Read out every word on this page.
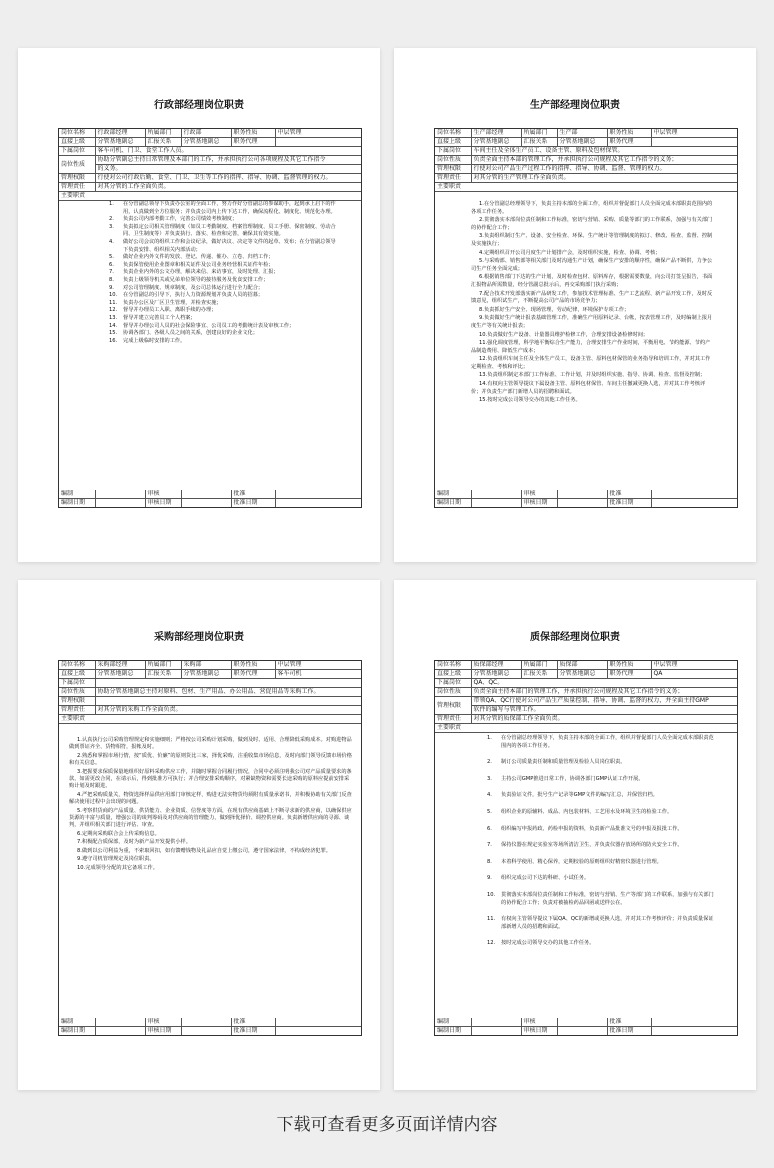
行政部经理岗位职责
岗位名称	行政部经理	所属部门	行政部	职务性质	中层管理
直接上级	分管基地副总	汇报关系	分管基地副总	职务代理	
下属岗位	客车司机、门卫、食堂工作人员。				
岗位性质	协助分管副总主持日常管理及本部门的工作，并承担执行公司各项规程及其它工作指令				
	的义务。				
管理权限	行使对公司行政后勤、食堂、门卫、卫生等工作的指挥、指导、协调、监督管理的权力。				
管理责任	对其分管的工作全面负责。				
主要职责					
1.	在分管副总领导下负责办公室的全面工作，努力作好分管副总的参谋助手，起到承上启下的作用，认真做到全方位服务；并负责公司内上传下达工作，确保流程化、制度化、规范化办理。
2.	负责公司内部考勤工作，完善公司绩效考核制度；
3.	负责拟定公司相关管理制度（如员工考勤制度、档案管理制度、员工手册、保密制度、劳动合同、卫生制度等）并负责执行、落实、检查和完善，确保其有效实施。
4.	做好公司会议的组织工作和会议纪录，做好决议、决定等文件的起草、发布；在分管副总领导下负责安排、组织相关内部活动；
5.	做好企业内外文件的发放、登记、传递、催办、立卷、归档工作；
6.	负责保管使用企业图章和相关证件及公司业务经营相关证件年检；
7.	负责企业内外的公文办理，解决来信、来访事宜，及时处理、汇报；
8.	负责上级领导机关或兄弟单位领导的接待服务及优食安排工作；
9.	对公司管理制度、规章制度，及公司总体运行进行全力配合；
10.	在分管副总的引导下，执行人力资源规划并负责人员的招募；
11.	负责办公区及厂区卫生管理，并检查实施；
12.	督导并办理员工入职、离职手续的办理；
13.	督导并建立完善员工个人档案；
14.	督导并办理公司人员的社会保险事宜、公司员工的考勤统计表及审核工作；
15.	协调各部门、各级人员之间的关系，创建良好的企业文化；
16.	完成上级临时安排的工作。
编制		审核		批准	
编制日期		审核日期		批准日期	
生产部经理岗位职责
岗位名称	生产部经理	所属部门	生产部	职务性质	中层管理
直接上级	分管基地副总	汇报关系	分管基地副总	职务代理	
下属岗位	车间主任及全体生产员工、设备主管、原料及包材保管。				
岗位性质	负责全面主持本部的管理工作，并承担执行公司规程及其它工作指令的义务；				
管理权限	行使对公司产品生产过程工作的指挥、指导、协调、监督、管理的权力。				
管理责任	对其分管的生产管理工作全面负责。				
主要职责					
1.在分管副总经理领导下，负责主持本部的全面工作，组织并督促部门人员全面完成本部职责范围内的各项工作任务。
2.贯彻落实本部岗位责任制和工作标准，密切与营销、采购、质量等部门的工作联系，加强与有关部门的协作配合工作；
3.负责组织制订生产、设备、安全检查、环保、生产统计等管理制度的拟订、修改、检查、监督、控制及实施执行；
4.定期组织召开公司月度生产计划排产会，及时组织实施，检查、协调、考核；
5.与采购部、销售部等相关部门及时沟通生产计划，确保生产安排的顺序性，确保产品不断供，力争公司生产任务全面完成；
6.根据销售部门下达的生产计划，及时检查包材、原料库存，根据需要数量，向公司打签呈报告，书面汇报物品所需数量，经分管副总批示后，再交采购部门执行采购；
7.配合技术开发部落实新产品研发工作，参加技术管理标准、生产工艺流程、新产品开发工作，及时反馈意见，组织试生产，不断提高公司产品的市场竞争力；
8.负责抓好生产安全、现场管理，劳动纪律，环境保护专项工作；
9.负责做好生产统计报表基础管理工作，准确生产用原料记录、台帐，按表管理工作，及时编制上报月度生产等有关统计报表；
10.负责做好生产设备、计量器具维护检修工作，合理安排设备检修时间；
11.强化调度管理，科学地平衡综合生产能力，合理安排生产作业时间，平衡用电、节约能源、节约产品制造费用、降低生产成本；
12.负责组织车间主任及全体生产员工，设备主管、原料包材保管的业务指导和培训工作，并对其工作定期检查、考核和评比；
13.负责组织制定本部门工作标准、工作计划，并及时组织实施、指导、协调、检查、监督及控制；
14.有权向主管领导提议下属设备主管、原料包材保管、车间主任撤减更换人选，并对其工作考核评价；并负责生产部门新增人员的招聘和面试。
15.按时完成公司领导交办的其他工作任务。
编制		审核		批准	
编制日期		审核日期		批准日期	
采购部经理岗位职责
岗位名称	采购部经理	所属部门	采购部	职务性质	中层管理
直接上级	分管基地副总	汇报关系	分管基地副总	职务代理	客车司机
下属岗位					
岗位性质	协助分管基地副总主持对原料、包材、生产用品、办公用品、营促用品等采购工作。				
管理权限					
管理责任	对其分管的采购工作全面负责。				
主要职责					
1.认真执行公司采购管理规定和实施细则；严格按公司采购计划采购，做到及时、适用、合理降低采购成本。对购进物品做到票证齐全、货物相符，报帐及时。
2.熟悉和掌握市场行情，按“质优、价廉”的原则货比三家，择优采购，注重收集市场信息，及时向部门领导反馈市场价格和有关信息。
3.把握要求保质保量地组织好原料采购供应工作，并随时掌握合同履行情况，合同中必须注明我公司对产品质量要求的条款，如需更改合同，在请示后，得到批准方可执行；并合理安排采购顺序，对紧缺物资和需要长途采购的原料应提前安排采购计划及时跟进。
4.严把采购质量关，物资选择样品供应用部门审核定样，购进无法实物货均须附有质量承诺书，并积极协助有关部门反查解决使用过程中会出现的问题。
5.考察供货商的产品质量、供货能力、企业资质、信誉度等方面，在现有供应商基础上不断寻求新的供应商，以确保供应货源的丰富与质量，增强公司的谈判筹码及对供应商的管理能力，做到择优择价、调控供应商。负责新增供应商的寻源、谈判，并组织相关部门进行评估、审查。
6.定期向采购联合会上传采购信息。
7.积极配合质保部，及时为新产品开发提供小样。
8.做到以公司利益为重，不索取回扣，如有馈赠钱物及礼品应自觉上缴公司，遵守国家法律，不构成经济犯罪。
9.遵守司机管理规定及岗位职责。
10.完成领导分配的其它备项工作。
编制		审核		批准	
编制日期		审核日期		批准日期	
质保部经理岗位职责
岗位名称	质保部经理	所属部门	质保部	职务性质	中层管理
直接上级	分管基地副总	汇报关系	分管基地副总	职务代理	QA
下属岗位	QA、QC。				
岗位性质	负责全面主持本部门的管理工作，并承担执行公司规程及其它工作指令的义务；				
管理权限	带领QA、QC行使对公司产品生产质量控制、指导、协调、监督的权力，并全面主持GMP				
	软件的编写与管理工作。				
管理责任	对其分管的质保部工作全面负责。				
主要职责					
1.	在分管副总经理领导下，负责主持本部的全面工作，组织并督促部门人员全面完成本部职责范围内的各项工作任务。
2.	制订公司质量责任制和质量管理及检验人员岗位职责。
3.	主持公司GMP推进日常工作，协调各部门GMP认证工作开展。
4.	负责验证文件，批号生产记录等GMP文件的编写汇总，并保管归档。
5.	组织企业的原辅料、成品、内包装材料、工艺用水及环境卫生的检验工作。
6.	组织编写申报药政、药检申报的资料，负责新产品批准文号的申报及报批工作。
7.	保持仪器在规定实验室等场所清洁卫生，并负责仪器存放场所的防火安全工作。
8.	本着科学使用、精心保养，定期校验的原则组织好精密仪器进行管理。
9.	组织完成公司下达的科研、小试任务。
10.	贯彻落实本部岗位责任制和工作标准，密切与营销、生产等部门的工作联系，加强与有关部门的协作配合工作；负责对被抽检药品回函或送样公在。
11.	有权向主管领导提议下属QA、QC的新增或更换人选，并对其工作考核评价；并负责质量保证部新增人员的招聘和面试。
12.	按时完成公司领导交办的其他工作任务。
编制		审核		批准	
编制日期		审核日期		批准日期	
下载可查看更多页面详情内容
